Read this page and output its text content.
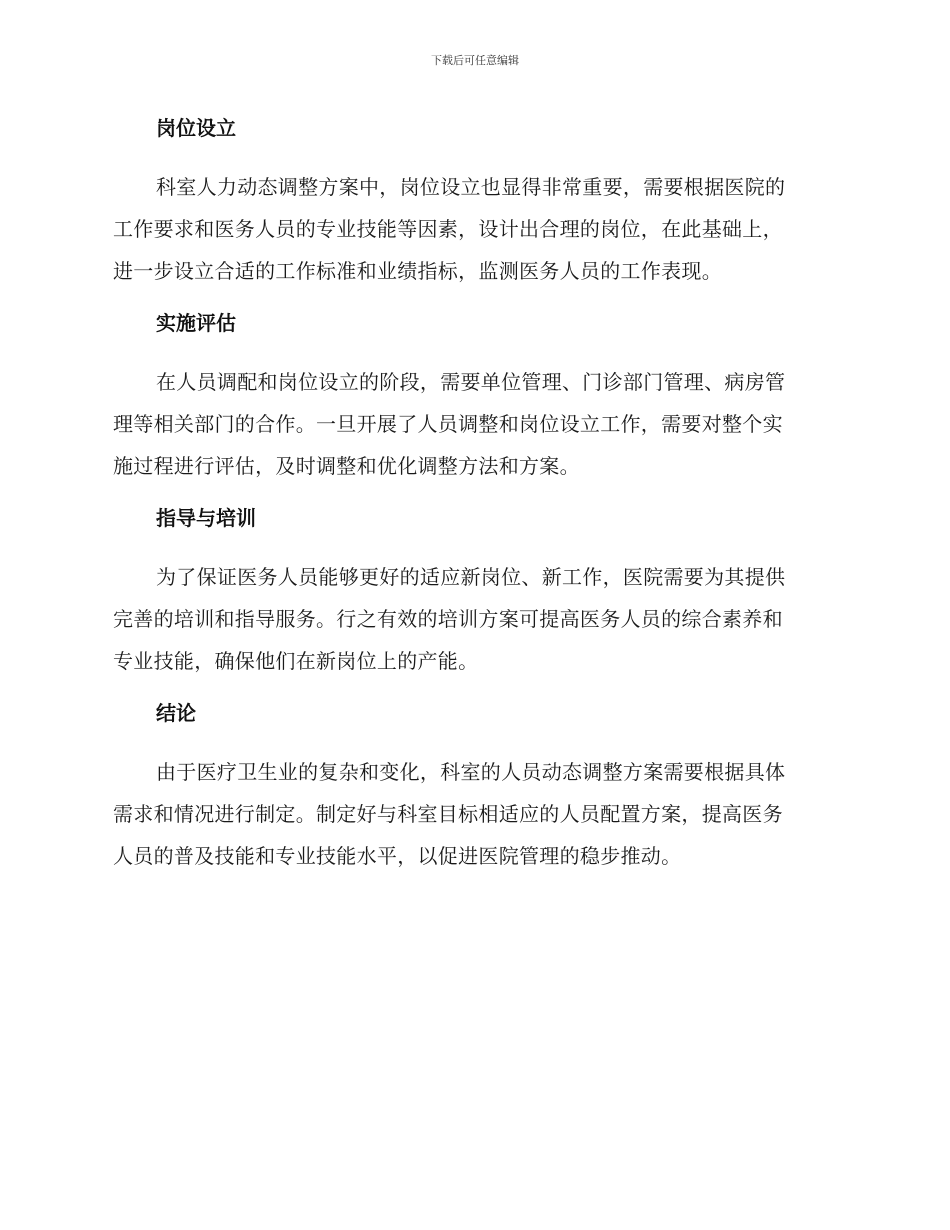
下载后可任意编辑
岗位设立
科室人力动态调整方案中，岗位设立也显得非常重要，需要根据医院的
工作要求和医务人员的专业技能等因素，设计出合理的岗位，在此基础上，
进一步设立合适的工作标准和业绩指标，监测医务人员的工作表现。
实施评估
在人员调配和岗位设立的阶段，需要单位管理、门诊部门管理、病房管
理等相关部门的合作。一旦开展了人员调整和岗位设立工作，需要对整个实
施过程进行评估，及时调整和优化调整方法和方案。
指导与培训
为了保证医务人员能够更好的适应新岗位、新工作，医院需要为其提供
完善的培训和指导服务。行之有效的培训方案可提高医务人员的综合素养和
专业技能，确保他们在新岗位上的产能。
结论
由于医疗卫生业的复杂和变化，科室的人员动态调整方案需要根据具体
需求和情况进行制定。制定好与科室目标相适应的人员配置方案，提高医务
人员的普及技能和专业技能水平，以促进医院管理的稳步推动。
